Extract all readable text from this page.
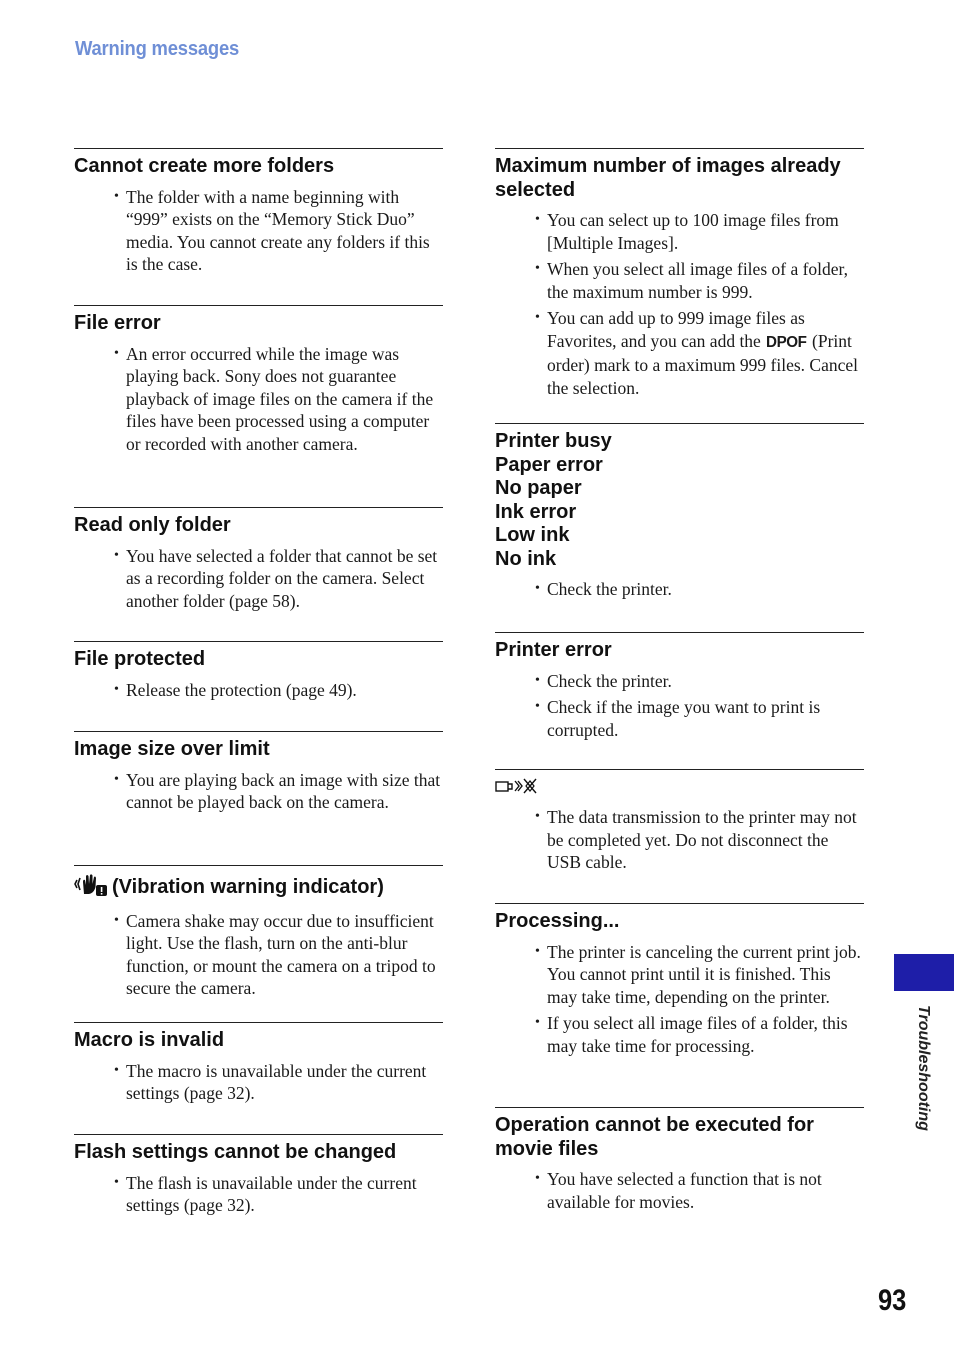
Warning messages
Cannot create more folders
• The folder with a name beginning with “999” exists on the “Memory Stick Duo” media. You cannot create any folders if this is the case.
File error
• An error occurred while the image was playing back. Sony does not guarantee playback of image files on the camera if the files have been processed using a computer or recorded with another camera.
Read only folder
• You have selected a folder that cannot be set as a recording folder on the camera. Select another folder (page 58).
File protected
• Release the protection (page 49).
Image size over limit
• You are playing back an image with size that cannot be played back on the camera.
(Vibration warning indicator)
• Camera shake may occur due to insufficient light. Use the flash, turn on the anti-blur function, or mount the camera on a tripod to secure the camera.
Macro is invalid
• The macro is unavailable under the current settings (page 32).
Flash settings cannot be changed
• The flash is unavailable under the current settings (page 32).
Maximum number of images already selected
• You can select up to 100 image files from [Multiple Images].
• When you select all image files of a folder, the maximum number is 999.
• You can add up to 999 image files as Favorites, and you can add the DPOF (Print order) mark to a maximum 999 files. Cancel the selection.
Printer busy
Paper error
No paper
Ink error
Low ink
No ink
• Check the printer.
Printer error
• Check the printer.
• Check if the image you want to print is corrupted.
• The data transmission to the printer may not be completed yet. Do not disconnect the USB cable.
Processing...
• The printer is canceling the current print job. You cannot print until it is finished. This may take time, depending on the printer.
• If you select all image files of a folder, this may take time for processing.
Operation cannot be executed for movie files
• You have selected a function that is not available for movies.
Troubleshooting
93
